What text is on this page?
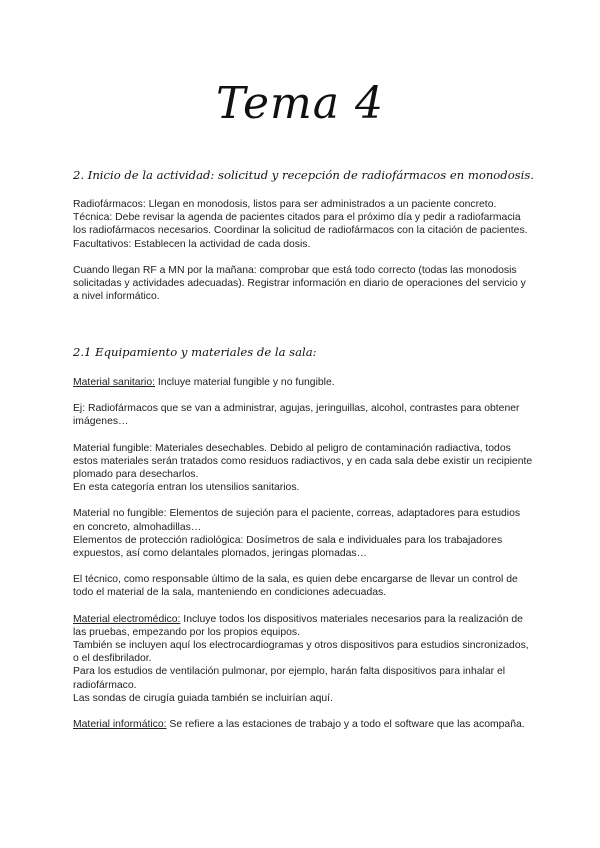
Tema 4
2. Inicio de la actividad: solicitud y recepción de radiofármacos en monodosis.

Radiofármacos: Llegan en monodosis, listos para ser administrados a un paciente concreto.

Técnica: Debe revisar la agenda de pacientes citados para el próximo día y pedir a radiofarmacia los radiofármacos necesarios. Coordinar la solicitud de radiofármacos con la citación de pacientes.

Facultativos: Establecen la actividad de cada dosis.

Cuando llegan RF a MN por la mañana: comprobar que está todo correcto (todas las monodosis solicitadas y actividades adecuadas). Registrar información en diario de operaciones del servicio y a nivel informático.

2.1 Equipamiento y materiales de la sala:

Material sanitario: Incluye material fungible y no fungible.

Ej: Radiofármacos que se van a administrar, agujas, jeringuillas, alcohol, contrastes para obtener imágenes…

Material fungible: Materiales desechables. Debido al peligro de contaminación radiactiva, todos estos materiales serán tratados como residuos radiactivos, y en cada sala debe existir un recipiente plomado para desecharlos.

En esta categoría entran los utensilios sanitarios.

Material no fungible: Elementos de sujeción para el paciente, correas, adaptadores para estudios en concreto, almohadillas…

Elementos de protección radiológica: Dosímetros de sala e individuales para los trabajadores expuestos, así como delantales plomados, jeringas plomadas…

El técnico, como responsable último de la sala, es quien debe encargarse de llevar un control de todo el material de la sala, manteniendo en condiciones adecuadas.

Material electromédico: Incluye todos los dispositivos materiales necesarios para la realización de las pruebas, empezando por los propios equipos.

También se incluyen aquí los electrocardiogramas y otros dispositivos para estudios sincronizados, o el desfibrilador.

Para los estudios de ventilación pulmonar, por ejemplo, harán falta dispositivos para inhalar el radiofármaco.

Las sondas de cirugía guiada también se incluirían aquí.

Material informático: Se refiere a las estaciones de trabajo y a todo el software que las acompaña.
